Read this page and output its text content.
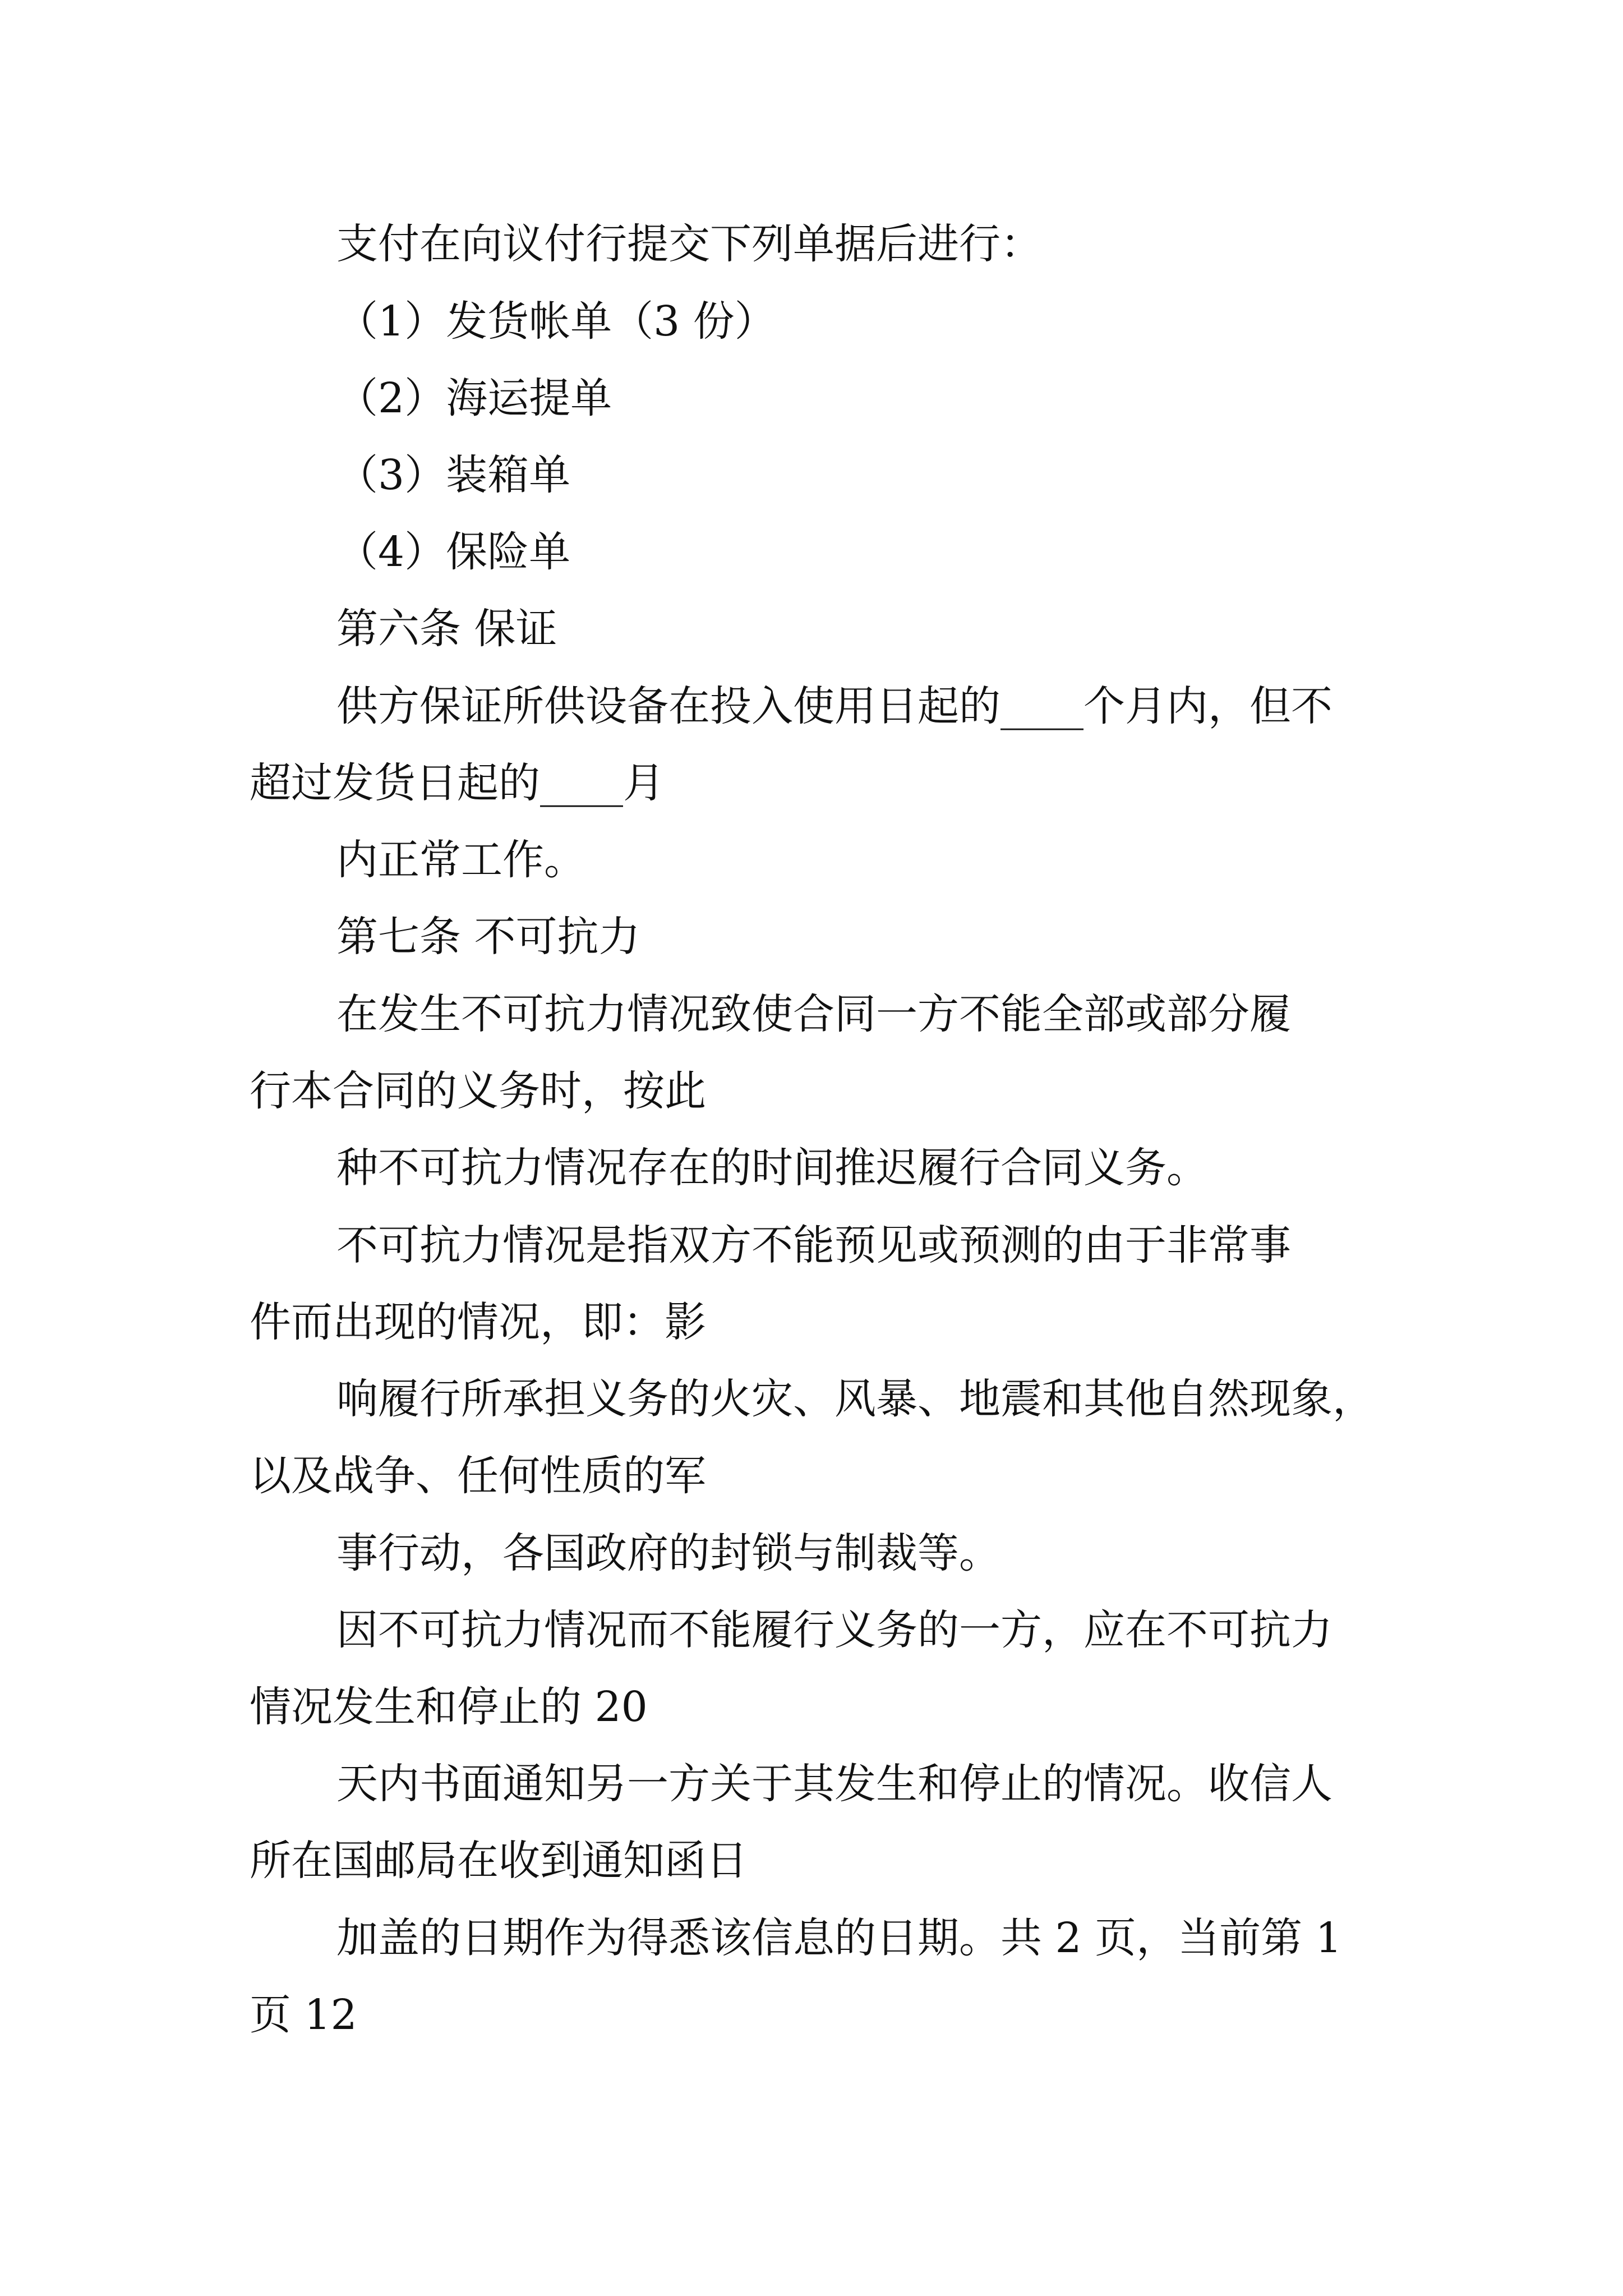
支付在向议付行提交下列单据后进行：

（1）发货帐单（3 份）

（2）海运提单

（3）装箱单

（4）保险单

第六条 保证

供方保证所供设备在投入使用日起的____个月内，但不

超过发货日起的____月

内正常工作。

第七条 不可抗力

在发生不可抗力情况致使合同一方不能全部或部分履

行本合同的义务时，按此

种不可抗力情况存在的时间推迟履行合同义务。

不可抗力情况是指双方不能预见或预测的由于非常事

件而出现的情况，即：影

响履行所承担义务的火灾、风暴、地震和其他自然现象，

以及战争、任何性质的军

事行动，各国政府的封锁与制裁等。

因不可抗力情况而不能履行义务的一方，应在不可抗力

情况发生和停止的 20

天内书面通知另一方关于其发生和停止的情况。收信人

所在国邮局在收到通知函日

加盖的日期作为得悉该信息的日期。共 2 页，当前第 1

页 12
